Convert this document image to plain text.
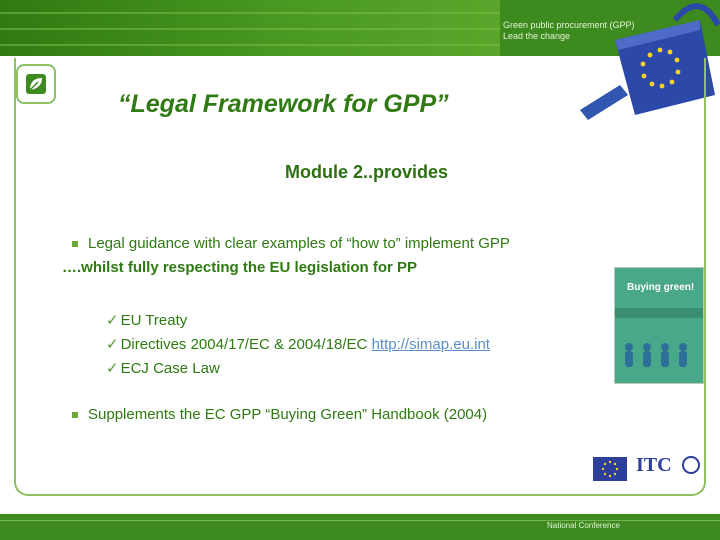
Green public procurement (GPP)
Lead the change
“Legal Framework for GPP”
Module 2..provides
Legal guidance with clear examples of “how to” implement GPP
….whilst fully respecting the EU legislation for PP
✓ EU Treaty
✓ Directives 2004/17/EC & 2004/18/EC http://simap.eu.int
✓ ECJ Case Law
Supplements the EC GPP “Buying Green” Handbook (2004)
Buying green!
ITC
National Conference
